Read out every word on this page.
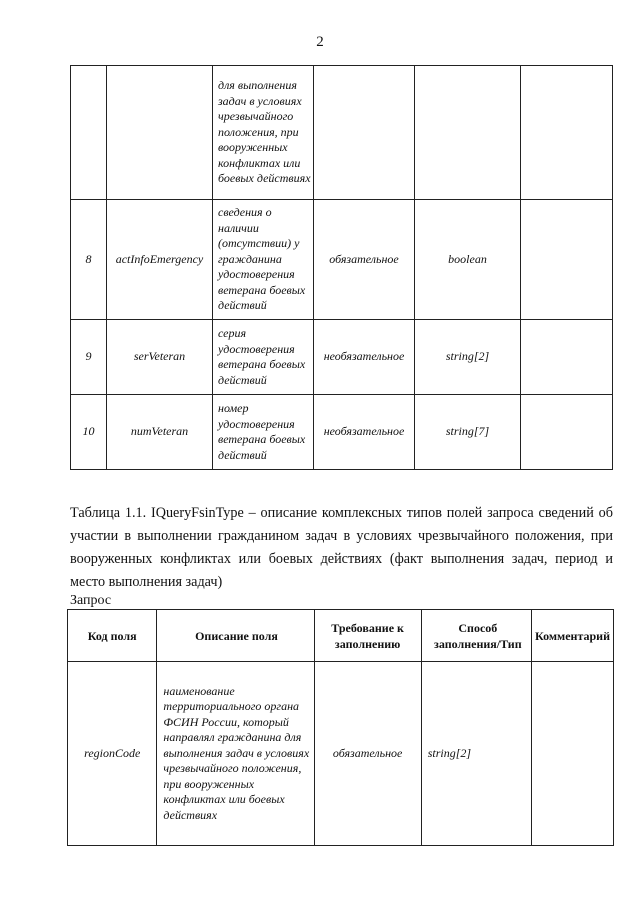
2
		для выполнения задач в условиях чрезвычайного положения, при вооруженных конфликтах или боевых действиях			
8	actInfoEmergency	сведения о наличии (отсутствии) у гражданина удостоверения ветерана боевых действий	обязательное	boolean	
9	serVeteran	серия удостоверения ветерана боевых действий	необязательное	string[2]	
10	numVeteran	номер удостоверения ветерана боевых действий	необязательное	string[7]	
Таблица 1.1. IQueryFsinType – описание комплексных типов полей запроса сведений об участии в выполнении гражданином задач в условиях чрезвычайного положения, при вооруженных конфликтах или боевых действиях (факт выполнения задач, период и место выполнения задач)
Запрос
Код поля	Описание поля	Требование к заполнению	Способ заполнения/Тип	Комментарий
regionCode	наименование территориального органа ФСИН России, который направлял гражданина для выполнения задач в условиях чрезвычайного положения, при вооруженных конфликтах или боевых действиях	обязательное	string[2]	
